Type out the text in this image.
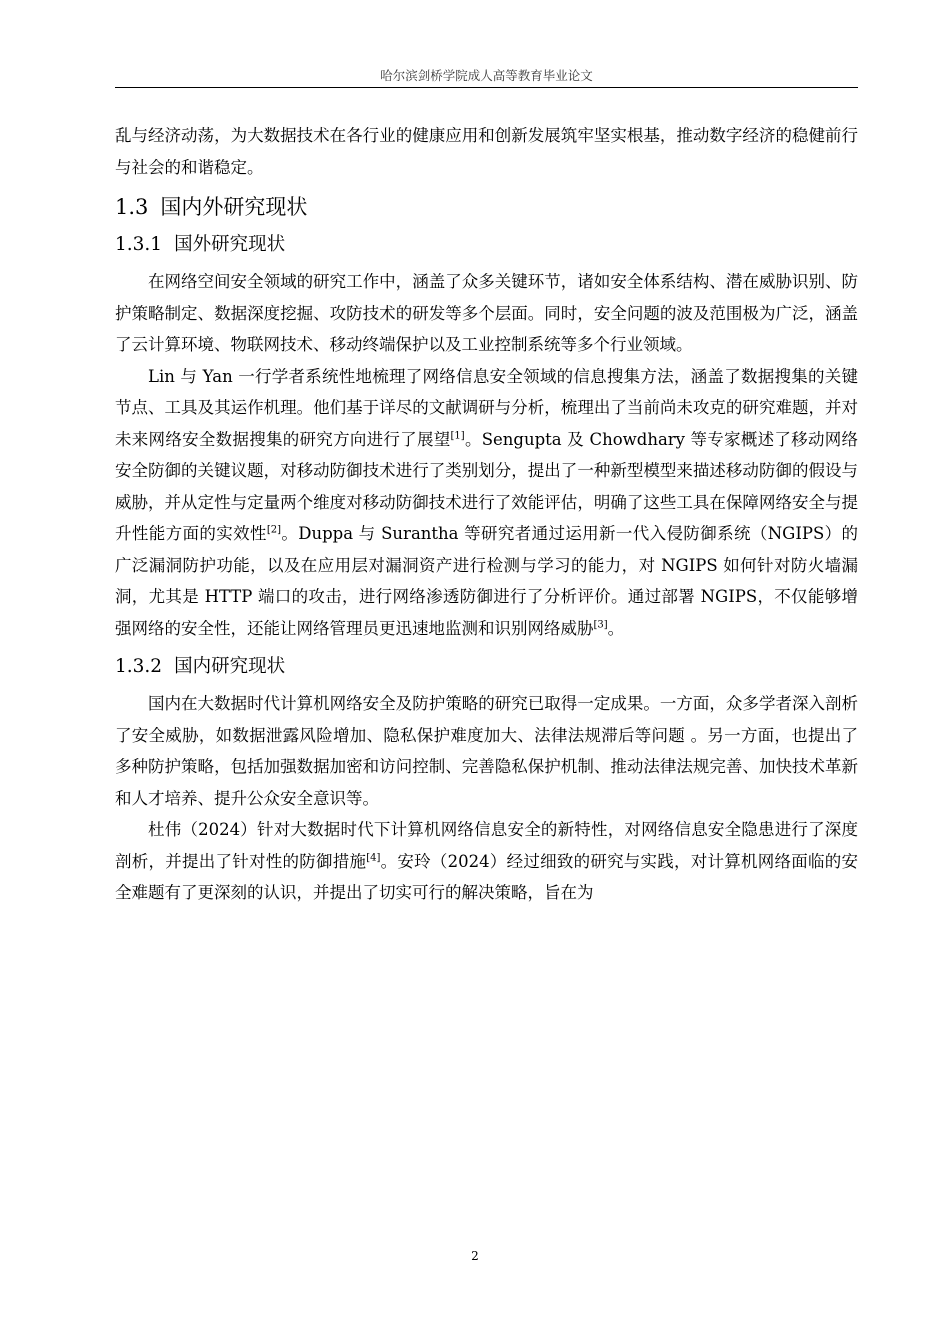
哈尔滨剑桥学院成人高等教育毕业论文

乱与经济动荡，为大数据技术在各行业的健康应用和创新发展筑牢坚实根基，推动数字经济的稳健前行与社会的和谐稳定。

1.3 国内外研究现状
1.3.1 国外研究现状

在网络空间安全领域的研究工作中，涵盖了众多关键环节，诸如安全体系结构、潜在威胁识别、防护策略制定、数据深度挖掘、攻防技术的研发等多个层面。同时，安全问题的波及范围极为广泛，涵盖了云计算环境、物联网技术、移动终端保护以及工业控制系统等多个行业领域。

Lin 与 Yan 一行学者系统性地梳理了网络信息安全领域的信息搜集方法，涵盖了数据搜集的关键节点、工具及其运作机理。他们基于详尽的文献调研与分析，梳理出了当前尚未攻克的研究难题，并对未来网络安全数据搜集的研究方向进行了展望[1]。Sengupta 及 Chowdhary 等专家概述了移动网络安全防御的关键议题，对移动防御技术进行了类别划分，提出了一种新型模型来描述移动防御的假设与威胁，并从定性与定量两个维度对移动防御技术进行了效能评估，明确了这些工具在保障网络安全与提升性能方面的实效性[2]。Duppa 与 Surantha 等研究者通过运用新一代入侵防御系统（NGIPS）的广泛漏洞防护功能，以及在应用层对漏洞资产进行检测与学习的能力，对 NGIPS 如何针对防火墙漏洞，尤其是 HTTP 端口的攻击，进行网络渗透防御进行了分析评价。通过部署 NGIPS，不仅能够增强网络的安全性，还能让网络管理员更迅速地监测和识别网络威胁[3]。

1.3.2 国内研究现状

国内在大数据时代计算机网络安全及防护策略的研究已取得一定成果。一方面，众多学者深入剖析了安全威胁，如数据泄露风险增加、隐私保护难度加大、法律法规滞后等问题 。另一方面，也提出了多种防护策略，包括加强数据加密和访问控制、完善隐私保护机制、推动法律法规完善、加快技术革新和人才培养、提升公众安全意识等。

杜伟（2024）针对大数据时代下计算机网络信息安全的新特性，对网络信息安全隐患进行了深度剖析，并提出了针对性的防御措施[4]。安玲（2024）经过细致的研究与实践，对计算机网络面临的安全难题有了更深刻的认识，并提出了切实可行的解决策略，旨在为

2
